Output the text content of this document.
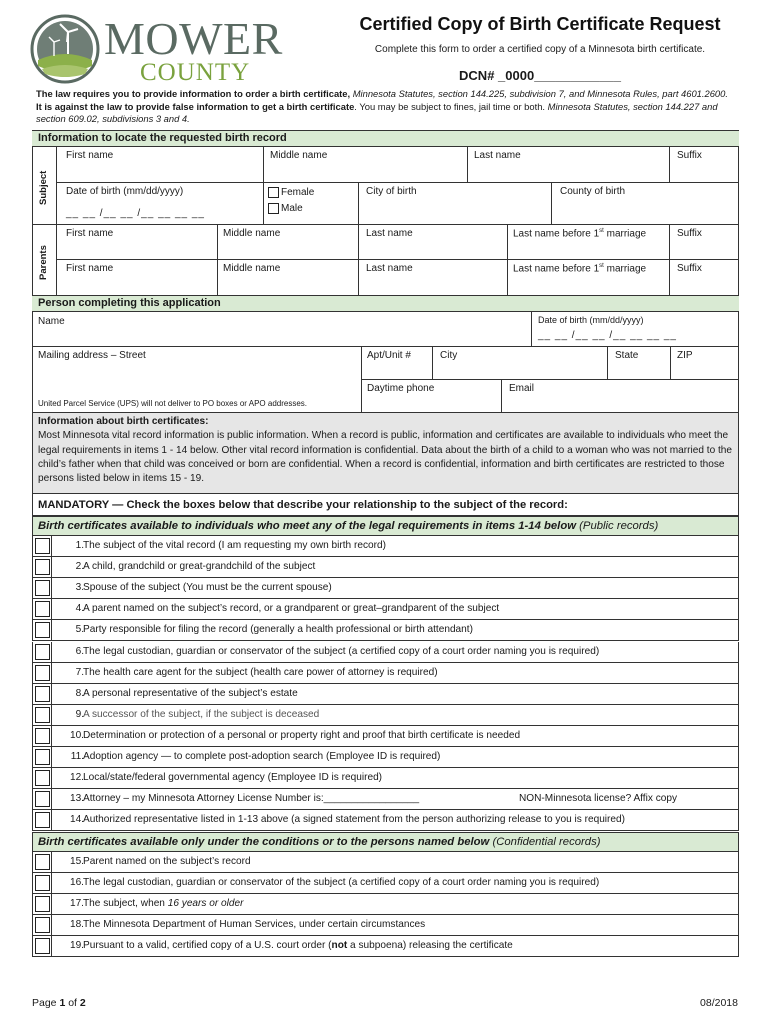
MOWER
COUNTY
Certified Copy of Birth Certificate Request
Complete this form to order a certified copy of a Minnesota birth certificate.
DCN# _0000____________
The law requires you to provide information to order a birth certificate, Minnesota Statutes, section 144.225, subdivision 7, and Minnesota Rules, part 4601.2600. It is against the law to provide false information to get a birth certificate. You may be subject to fines, jail time or both. Minnesota Statutes, section 144.227 and section 609.02, subdivisions 3 and 4.
Information to locate the requested birth record
Subject
Parents
First name	Middle name	Last name	Suffix
Date of birth (mm/dd/yyyy)
__ __ /__ __ /__ __ __ __
Female
Male
City of birth	County of birth
First name	Middle name	Last name	Last name before 1st marriage	Suffix
First name	Middle name	Last name	Last name before 1st marriage	Suffix
Person completing this application
Name	Date of birth (mm/dd/yyyy)
__ __ /__ __ /__ __ __ __
Mailing address – Street	Apt/Unit #	City	State	ZIP
Daytime phone	Email
United Parcel Service (UPS) will not deliver to PO boxes or APO addresses.
Information about birth certificates:
Most Minnesota vital record information is public information. When a record is public, information and certificates are available to individuals who meet the legal requirements in items 1 - 14 below. Other vital record information is confidential. Data about the birth of a child to a woman who was not married to the child’s father when that child was conceived or born are confidential. When a record is confidential, information and birth certificates are restricted to those persons listed below in items 15 - 19.
MANDATORY — Check the boxes below that describe your relationship to the subject of the record:
Birth certificates available to individuals who meet any of the legal requirements in items 1-14 below (Public records)
1. The subject of the vital record (I am requesting my own birth record)
2. A child, grandchild or great-grandchild of the subject
3. Spouse of the subject (You must be the current spouse)
4. A parent named on the subject’s record, or a grandparent or great–grandparent of the subject
5. Party responsible for filing the record (generally a health professional or birth attendant)
6. The legal custodian, guardian or conservator of the subject (a certified copy of a court order naming you is required)
7. The health care agent for the subject (health care power of attorney is required)
8. A personal representative of the subject’s estate
9. A successor of the subject, if the subject is deceased
10. Determination or protection of a personal or property right and proof that birth certificate is needed
11. Adoption agency — to complete post-adoption search (Employee ID is required)
12. Local/state/federal governmental agency (Employee ID is required)
13. Attorney – my Minnesota Attorney License Number is:_________________	NON-Minnesota license? Affix copy
14. Authorized representative listed in 1-13 above (a signed statement from the person authorizing release to you is required)
Birth certificates available only under the conditions or to the persons named below (Confidential records)
15. Parent named on the subject’s record
16. The legal custodian, guardian or conservator of the subject (a certified copy of a court order naming you is required)
17. The subject, when 16 years or older
18. The Minnesota Department of Human Services, under certain circumstances
19. Pursuant to a valid, certified copy of a U.S. court order (not a subpoena) releasing the certificate
Page 1 of 2	08/2018
